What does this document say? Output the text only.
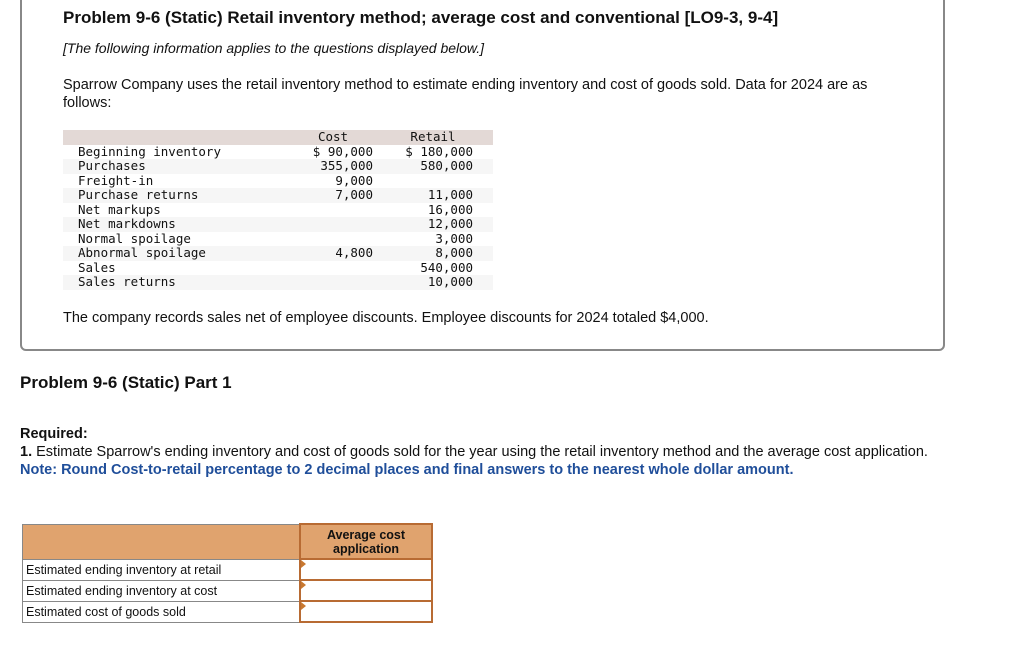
Problem 9-6 (Static) Retail inventory method; average cost and conventional [LO9-3, 9-4]
[The following information applies to the questions displayed below.]
Sparrow Company uses the retail inventory method to estimate ending inventory and cost of goods sold. Data for 2024 are as follows:
	Cost	Retail
Beginning inventory	$ 90,000	$ 180,000
Purchases	355,000	580,000
Freight-in	9,000	
Purchase returns	7,000	11,000
Net markups		16,000
Net markdowns		12,000
Normal spoilage		3,000
Abnormal spoilage	4,800	8,000
Sales		540,000
Sales returns		10,000
The company records sales net of employee discounts. Employee discounts for 2024 totaled $4,000.
Problem 9-6 (Static) Part 1
Required:
1. Estimate Sparrow's ending inventory and cost of goods sold for the year using the retail inventory method and the average cost application.
Note: Round Cost-to-retail percentage to 2 decimal places and final answers to the nearest whole dollar amount.
	Average cost application
Estimated ending inventory at retail	

Estimated ending inventory at cost	

Estimated cost of goods sold	
